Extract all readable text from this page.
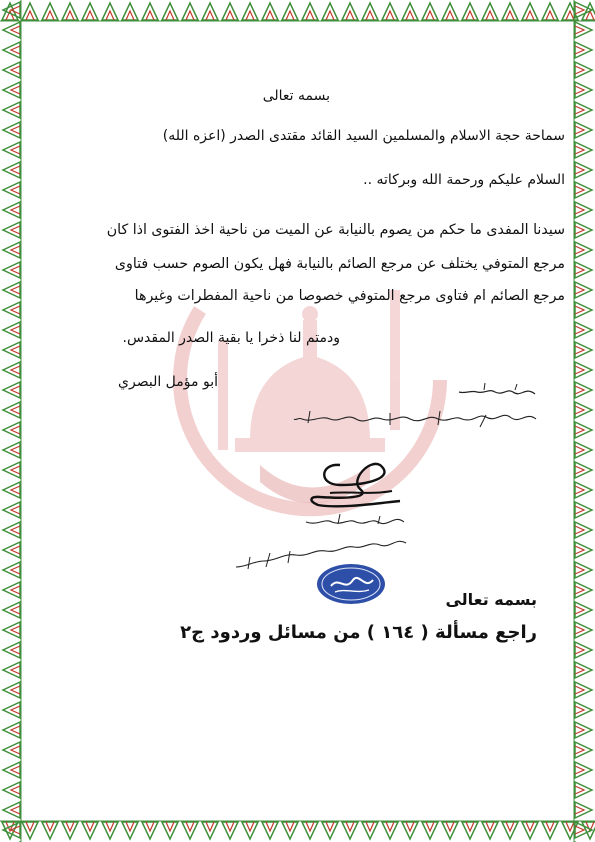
بسمه تعالى
سماحة حجة الاسلام والمسلمين السيد القائد مقتدى الصدر (اعزه الله)
السلام عليكم ورحمة الله وبركاته ..
سيدنا المفدى ما حكم من يصوم بالنيابة عن الميت من ناحية اخذ الفتوى اذا كان
مرجع المتوفي يختلف عن مرجع الصائم بالنيابة فهل يكون الصوم حسب فتاوى
مرجع الصائم ام فتاوى مرجع المتوفي خصوصا من ناحية المفطرات وغيرها
ودمتم لنا ذخرا يا بقية الصدر المقدس.
أبو مؤمل البصري
بسمه تعالى
راجع مسألة ( ١٦٤ ) من مسائل وردود ج٢
